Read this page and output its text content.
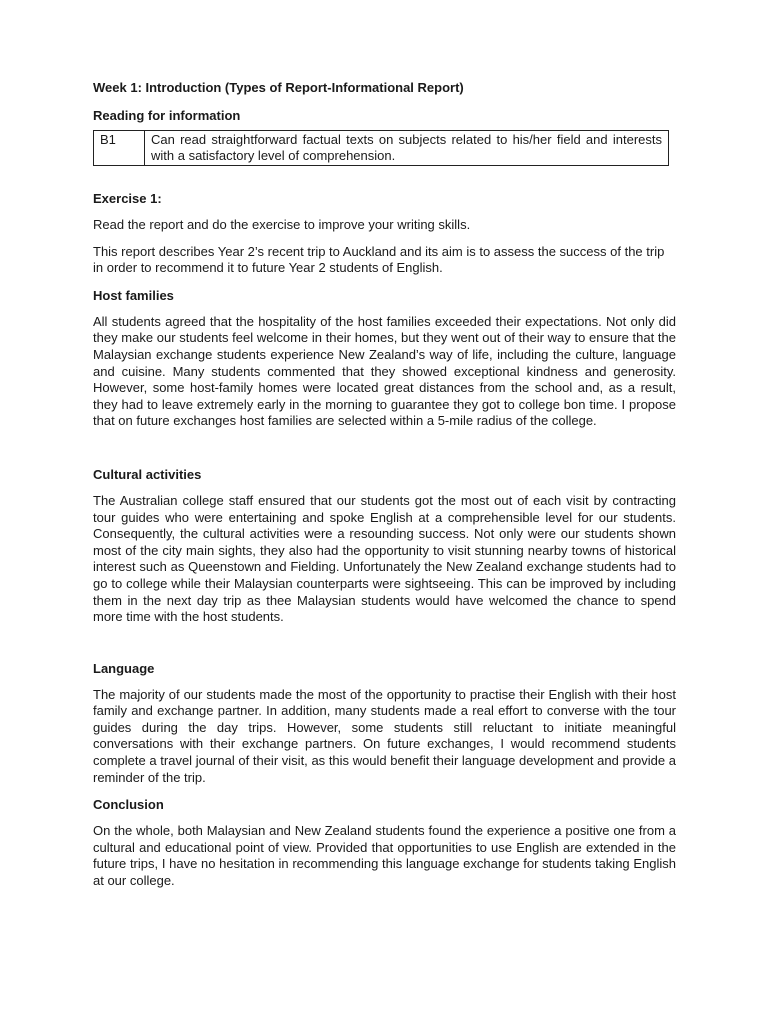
Week 1: Introduction (Types of Report-Informational Report)
Reading for information
B1	Can read straightforward factual texts on subjects related to his/her field and interests with a satisfactory level of comprehension.
Exercise 1:

Read the report and do the exercise to improve your writing skills.

This report describes Year 2’s recent trip to Auckland and its aim is to assess the success of the trip in order to recommend it to future Year 2 students of English.

Host families

All students agreed that the hospitality of the host families exceeded their expectations. Not only did they make our students feel welcome in their homes, but they went out of their way to ensure that the Malaysian exchange students experience New Zealand’s way of life, including the culture, language and cuisine. Many students commented that they showed exceptional kindness and generosity. However, some host-family homes were located great distances from the school and, as a result, they had to leave extremely early in the morning to guarantee they got to college bon time. I propose that on future exchanges host families are selected within a 5-mile radius of the college.

Cultural activities

The Australian college staff ensured that our students got the most out of each visit by contracting tour guides who were entertaining and spoke English at a comprehensible level for our students. Consequently, the cultural activities were a resounding success. Not only were our students shown most of the city main sights, they also had the opportunity to visit stunning nearby towns of historical interest such as Queenstown and Fielding. Unfortunately the New Zealand exchange students had to go to college while their Malaysian counterparts were sightseeing. This can be improved by including them in the next day trip as thee Malaysian students would have welcomed the chance to spend more time with the host students.

Language

The majority of our students made the most of the opportunity to practise their English with their host family and exchange partner. In addition, many students made a real effort to converse with the tour guides during the day trips. However, some students still reluctant to initiate meaningful conversations with their exchange partners. On future exchanges, I would recommend students complete a travel journal of their visit, as this would benefit their language development and provide a reminder of the trip.

Conclusion

On the whole, both Malaysian and New Zealand students found the experience a positive one from a cultural and educational point of view. Provided that opportunities to use English are extended in the future trips, I have no hesitation in recommending this language exchange for students taking English at our college.
